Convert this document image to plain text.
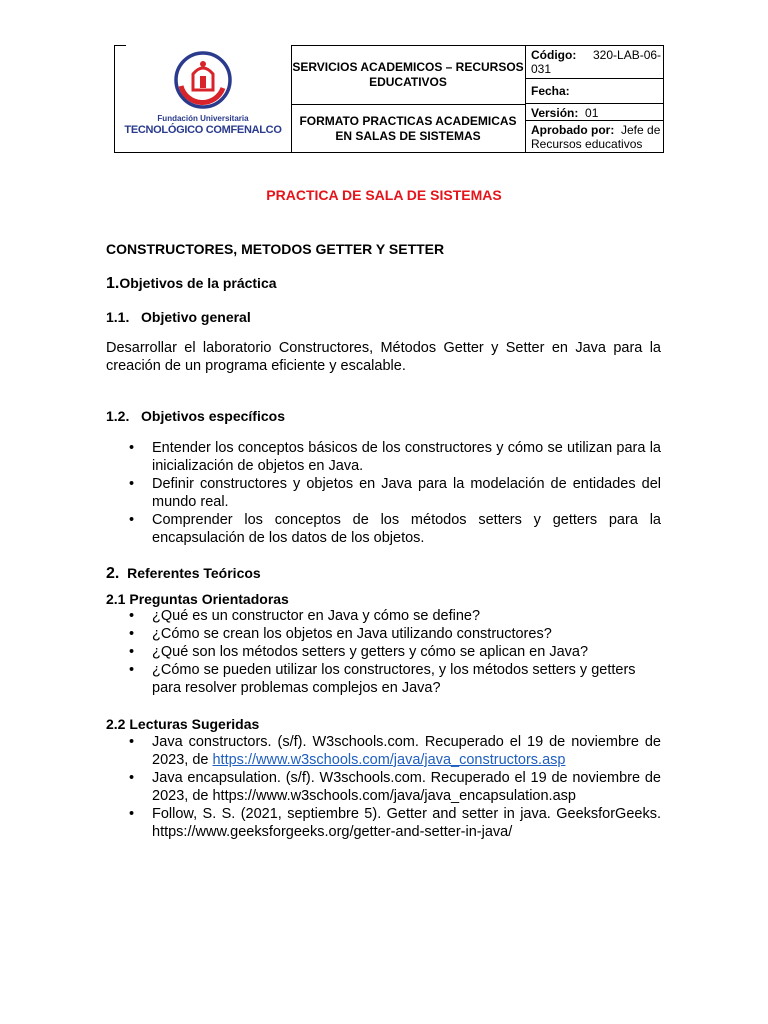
Fundación Universitaria
TECNOLÓGICO COMFENALCO
SERVICIOS ACADEMICOS – RECURSOS EDUCATIVOS
FORMATO PRACTICAS ACADEMICAS EN SALAS DE SISTEMAS
Código: 320-LAB-06-031
Fecha:
Versión: 01
Aprobado por: Jefe de Recursos educativos
PRACTICA DE SALA DE SISTEMAS
CONSTRUCTORES, METODOS GETTER Y SETTER
1.Objetivos de la práctica
1.1. Objetivo general
Desarrollar el laboratorio Constructores, Métodos Getter y Setter en Java para la creación de un programa eficiente y escalable.
1.2. Objetivos específicos
• Entender los conceptos básicos de los constructores y cómo se utilizan para la inicialización de objetos en Java.
• Definir constructores y objetos en Java para la modelación de entidades del mundo real.
• Comprender los conceptos de los métodos setters y getters para la encapsulación de los datos de los objetos.
2. Referentes Teóricos
2.1 Preguntas Orientadoras
• ¿Qué es un constructor en Java y cómo se define?
• ¿Cómo se crean los objetos en Java utilizando constructores?
• ¿Qué son los métodos setters y getters y cómo se aplican en Java?
• ¿Cómo se pueden utilizar los constructores, y los métodos setters y getters para resolver problemas complejos en Java?
2.2 Lecturas Sugeridas
• Java constructors. (s/f). W3schools.com. Recuperado el 19 de noviembre de 2023, de https://www.w3schools.com/java/java_constructors.asp
• Java encapsulation. (s/f). W3schools.com. Recuperado el 19 de noviembre de 2023, de https://www.w3schools.com/java/java_encapsulation.asp
• Follow, S. S. (2021, septiembre 5). Getter and setter in java. GeeksforGeeks. https://www.geeksforgeeks.org/getter-and-setter-in-java/
